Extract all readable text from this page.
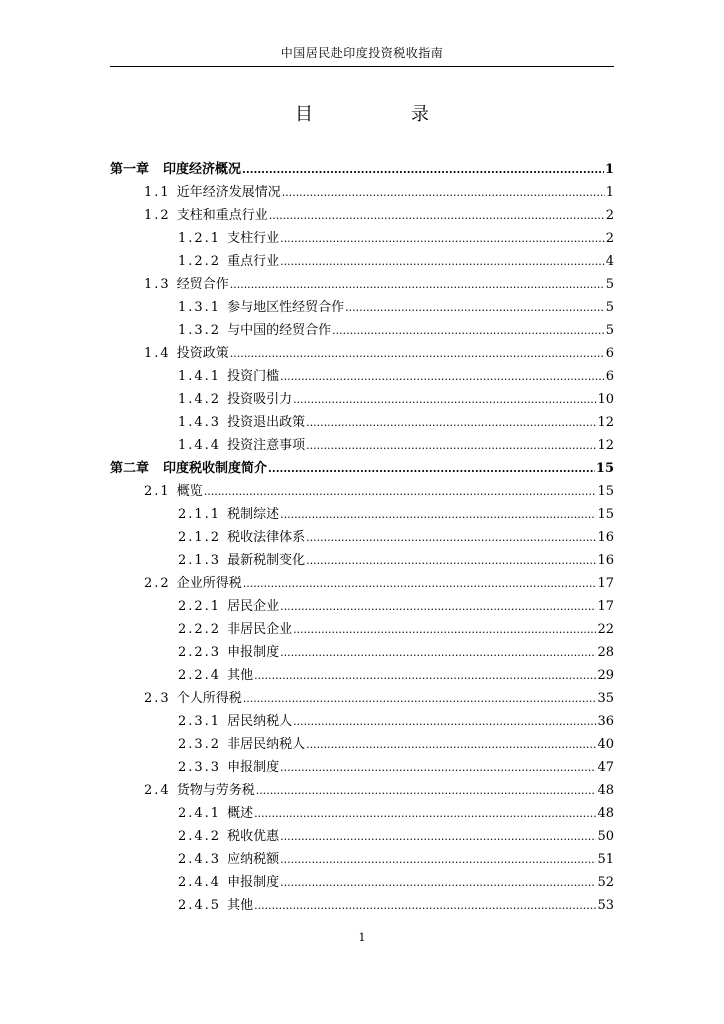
中国居民赴印度投资税收指南
目　录
第一章 印度经济概况 .....	1
1.1 近年经济发展情况 .....	1
1.2 支柱和重点行业 .....	2
1.2.1 支柱行业 .....	2
1.2.2 重点行业 .....	4
1.3 经贸合作 .....	5
1.3.1 参与地区性经贸合作 .....	5
1.3.2 与中国的经贸合作 .....	5
1.4 投资政策 .....	6
1.4.1 投资门槛 .....	6
1.4.2 投资吸引力 .....	10
1.4.3 投资退出政策 .....	12
1.4.4 投资注意事项 .....	12
第二章 印度税收制度简介 .....	15
2.1 概览 .....	15
2.1.1 税制综述 .....	15
2.1.2 税收法律体系 .....	16
2.1.3 最新税制变化 .....	16
2.2 企业所得税 .....	17
2.2.1 居民企业 .....	17
2.2.2 非居民企业 .....	22
2.2.3 申报制度 .....	28
2.2.4 其他 .....	29
2.3 个人所得税 .....	35
2.3.1 居民纳税人 .....	36
2.3.2 非居民纳税人 .....	40
2.3.3 申报制度 .....	47
2.4 货物与劳务税 .....	48
2.4.1 概述 .....	48
2.4.2 税收优惠 .....	50
2.4.3 应纳税额 .....	51
2.4.4 申报制度 .....	52
2.4.5 其他 .....	53
1
